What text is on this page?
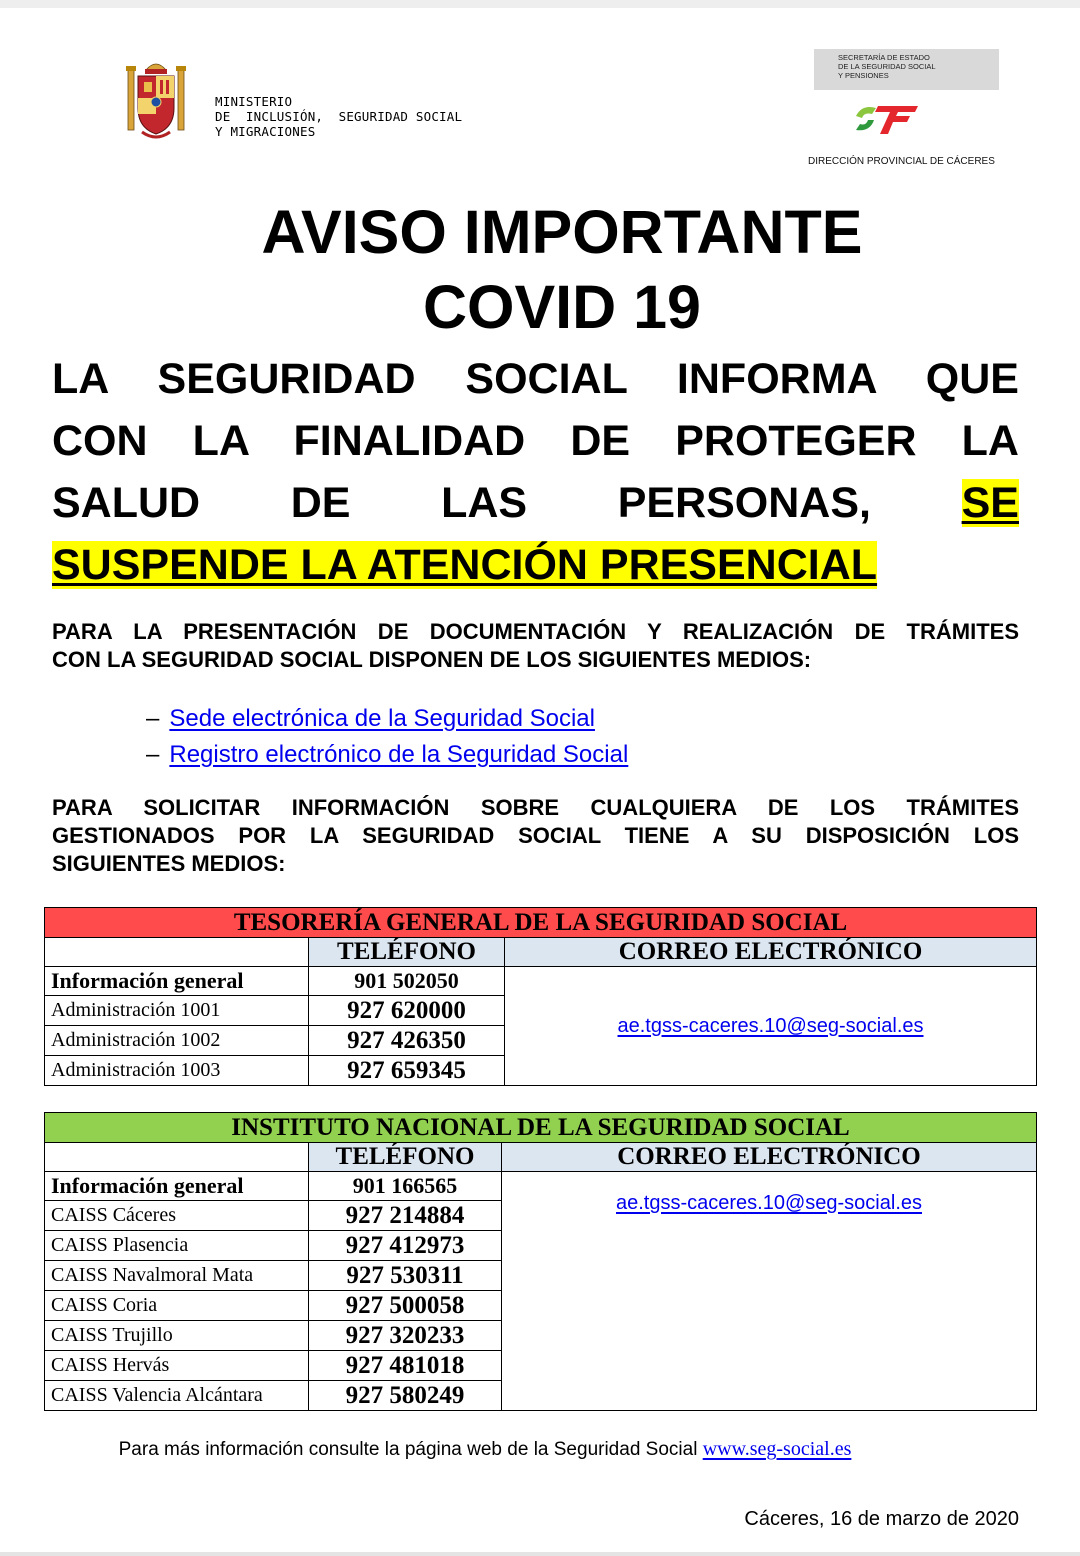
MINISTERIO
DE  INCLUSIÓN,  SEGURIDAD SOCIAL
Y MIGRACIONES
SECRETARÍA DE ESTADO
DE LA SEGURIDAD SOCIAL
Y PENSIONES
DIRECCIÓN PROVINCIAL DE CÁCERES
AVISO IMPORTANTE
COVID 19
LA SEGURIDAD SOCIAL INFORMA QUE
CON LA FINALIDAD DE PROTEGER LA
SALUD DE LAS PERSONAS, SE
SUSPENDE LA ATENCIÓN PRESENCIAL
PARA LA PRESENTACIÓN DE DOCUMENTACIÓN Y REALIZACIÓN DE TRÁMITES
CON LA SEGURIDAD SOCIAL DISPONEN DE LOS SIGUIENTES MEDIOS:
– Sede electrónica de la Seguridad Social
– Registro electrónico de la Seguridad Social
PARA SOLICITAR INFORMACIÓN SOBRE CUALQUIERA DE LOS TRÁMITES
GESTIONADOS POR LA SEGURIDAD SOCIAL TIENE A SU DISPOSICIÓN LOS
SIGUIENTES MEDIOS:
TESORERÍA GENERAL DE LA SEGURIDAD SOCIAL		
	TELÉFONO	CORREO ELECTRÓNICO
Información general	901 502050	ae.tgss-caceres.10@seg-social.es
Administración 1001	927 620000	
Administración 1002	927 426350	
Administración 1003	927 659345	
INSTITUTO NACIONAL DE LA SEGURIDAD SOCIAL		
	TELÉFONO	CORREO ELECTRÓNICO
Información general	901 166565	ae.tgss-caceres.10@seg-social.es
CAISS Cáceres	927 214884	
CAISS Plasencia	927 412973	
CAISS Navalmoral Mata	927 530311	
CAISS Coria	927 500058	
CAISS Trujillo	927 320233	
CAISS Hervás	927 481018	
CAISS Valencia Alcántara	927 580249	
Para más información consulte la página web de la Seguridad Social www.seg-social.es
Cáceres, 16 de marzo de 2020
